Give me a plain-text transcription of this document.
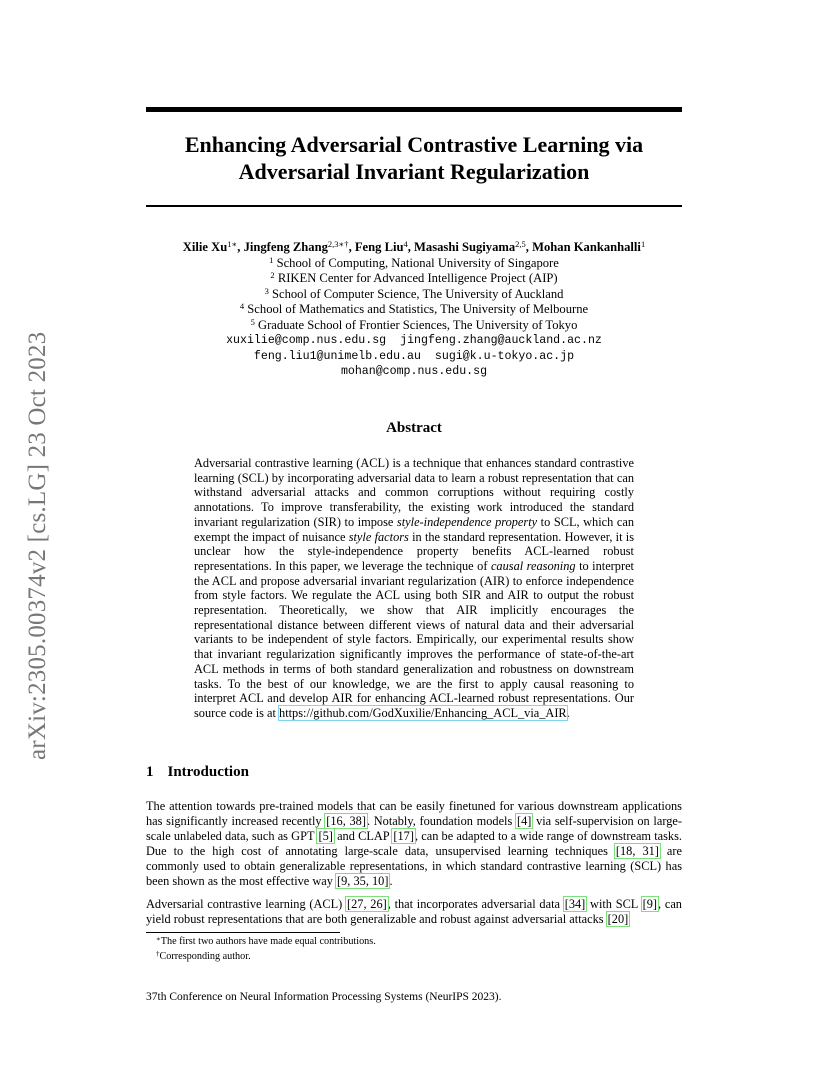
arXiv:2305.00374v2 [cs.LG] 23 Oct 2023
Enhancing Adversarial Contrastive Learning via
Adversarial Invariant Regularization
Xilie $Xu^{1∗}$, Jingfeng Zhang$^{2,3∗\dagger}$, Feng Liu$^4$, Masashi Sugiyama$^{2,5}$, Mohan Kankanhalli$^1$
$^1$ School of Computing, National University of Singapore
$^2$ RIKEN Center for Advanced Intelligence Project (AIP)
$^3$ School of Computer Science, The University of Auckland
$^4$ School of Mathematics and Statistics, The University of Melbourne
$^5$ Graduate School of Frontier Sciences, The University of Tokyo
xuxilie@comp.nus.edu.sg jingfeng.zhang@auckland.ac.nz
feng.liu1@unimelb.edu.au sugi@k.u-tokyo.ac.jp
mohan@comp.nus.edu.sg
Abstract
Adversarial contrastive learning (ACL) is a technique that enhances standard contrastive learning (SCL) by incorporating adversarial data to learn a robust representation that can withstand adversarial attacks and common corruptions without requiring costly annotations. To improve transferability, the existing work introduced the standard invariant regularization (SIR) to impose style-independence property to SCL, which can exempt the impact of nuisance style factors in the standard representation. However, it is unclear how the style-independence property benefits ACL-learned robust representations. In this paper, we leverage the technique of causal reasoning to interpret the ACL and propose adversarial invariant regularization (AIR) to enforce independence from style factors. We regulate the ACL using both SIR and AIR to output the robust representation. Theoretically, we show that AIR implicitly encourages the representational distance between different views of natural data and their adversarial variants to be independent of style factors. Empirically, our experimental results show that invariant regularization significantly improves the performance of state-of-the-art ACL methods in terms of both standard generalization and robustness on downstream tasks. To the best of our knowledge, we are the first to apply causal reasoning to interpret ACL and develop AIR for enhancing ACL-learned robust representations. Our source code is at https://github.com/GodXuxilie/Enhancing_ACL_via_AIR.
1 Introduction
The attention towards pre-trained models that can be easily finetuned for various downstream applications has significantly increased recently [16, 38]. Notably, foundation models [4] via self-supervision on large-scale unlabeled data, such as GPT [5] and CLAP [17], can be adapted to a wide range of downstream tasks. Due to the high cost of annotating large-scale data, unsupervised learning techniques [18, 31] are commonly used to obtain generalizable representations, in which standard contrastive learning (SCL) has been shown as the most effective way [9, 35, 10].
Adversarial contrastive learning (ACL) [27, 26], that incorporates adversarial data [34] with SCL [9], can yield robust representations that are both generalizable and robust against adversarial attacks [20]
∗The first two authors have made equal contributions.
†Corresponding author.
37th Conference on Neural Information Processing Systems (NeurIPS 2023).
